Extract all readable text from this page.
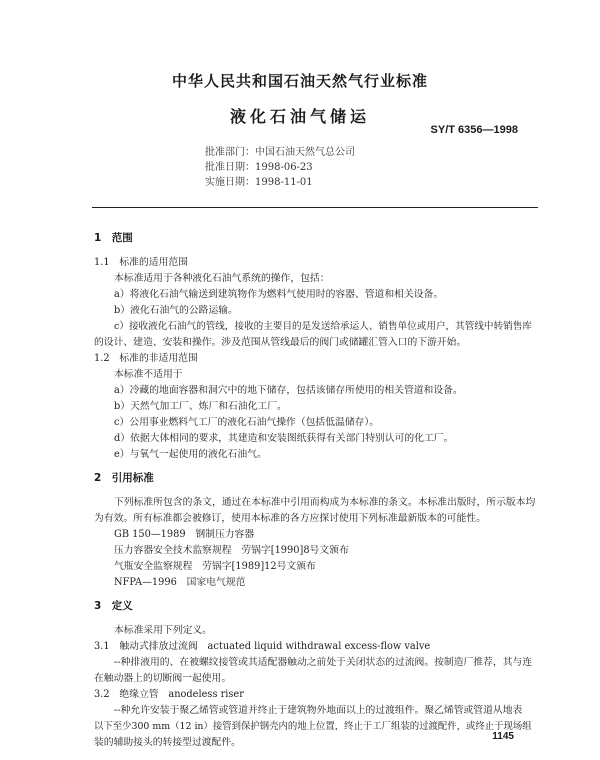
中华人民共和国石油天然气行业标准
液化石油气储运
SY/T 6356—1998
批准部门：中国石油天然气总公司
批准日期：1998-06-23
实施日期：1998-11-01
1　范围
1.1　标准的适用范围
本标准适用于各种液化石油气系统的操作，包括：
a）将液化石油气输送到建筑物作为燃料气使用时的容器、管道和相关设备。
b）液化石油气的公路运输。
c）接收液化石油气的管线，接收的主要目的是发送给承运人、销售单位或用户，其管线中转销售库
的设计、建造、安装和操作。涉及范围从管线最后的阀门或储罐汇管入口的下游开始。
1.2　标准的非适用范围
本标准不适用于
a）冷藏的地面容器和洞穴中的地下储存，包括该储存所使用的相关管道和设备。
b）天然气加工厂、炼厂和石油化工厂。
c）公用事业燃料气工厂的液化石油气操作（包括低温储存）。
d）依据大体相同的要求，其建造和安装图纸获得有关部门特别认可的化工厂。
e）与氧气一起使用的液化石油气。
2　引用标准
下列标准所包含的条文，通过在本标准中引用而构成为本标准的条文。本标准出版时，所示版本均
为有效。所有标准都会被修订，使用本标准的各方应探讨使用下列标准最新版本的可能性。
GB 150—1989　钢制压力容器
压力容器安全技术监察规程　劳锅字[1990]8号文颁布
气瓶安全监察规程　劳锅字[1989]12号文颁布
NFPA—1996　国家电气规范
3　定义
本标准采用下列定义。
3.1　触动式排放过流阀　actuated liquid withdrawal excess-flow valve
--种排液用的、在被螺纹接管或其适配器触动之前处于关闭状态的过流阀。按制造厂推荐，其与连
在触动器上的切断阀一起使用。
3.2　绝缘立管　anodeless riser
--种允许安装于聚乙烯管或管道并终止于建筑物外地面以上的过渡组件。聚乙烯管或管道从地表
以下至少300 mm（12 in）接管到保护钢壳内的地上位置，终止于工厂组装的过渡配件，或终止于现场组
装的辅助接头的转接型过渡配件。
1145
